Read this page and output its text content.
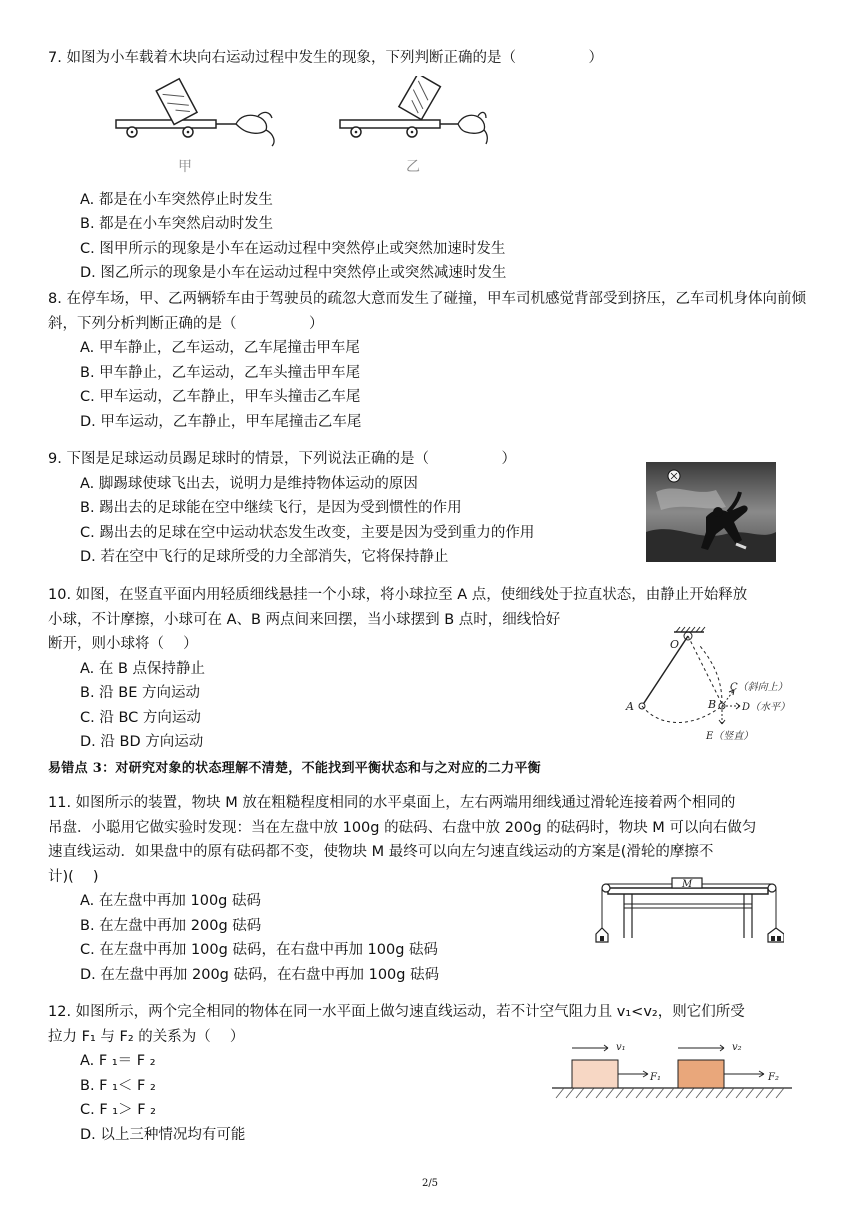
7. 如图为小车载着木块向右运动过程中发生的现象，下列判断正确的是（　　　　　）
A. 都是在小车突然停止时发生
B. 都是在小车突然启动时发生
C. 图甲所示的现象是小车在运动过程中突然停止或突然加速时发生
D. 图乙所示的现象是小车在运动过程中突然停止或突然减速时发生
甲	乙
8. 在停车场，甲、乙两辆轿车由于驾驶员的疏忽大意而发生了碰撞，甲车司机感觉背部受到挤压，乙车司机身体向前倾斜，下列分析判断正确的是（　　　　　）
A. 甲车静止，乙车运动，乙车尾撞击甲车尾
B. 甲车静止，乙车运动，乙车头撞击甲车尾
C. 甲车运动，乙车静止，甲车头撞击乙车尾
D. 甲车运动，乙车静止，甲车尾撞击乙车尾
9. 下图是足球运动员踢足球时的情景，下列说法正确的是（　　　　　）
A. 脚踢球使球飞出去，说明力是维持物体运动的原因
B. 踢出去的足球能在空中继续飞行，是因为受到惯性的作用
C. 踢出去的足球在空中运动状态发生改变，主要是因为受到重力的作用
D. 若在空中飞行的足球所受的力全部消失，它将保持静止
10. 如图，在竖直平面内用轻质细线悬挂一个小球，将小球拉至 A 点，使细线处于拉直状态，由静止开始释放
小球，不计摩擦，小球可在 A、B 两点间来回摆，当小球摆到 B 点时，细线恰好
断开，则小球将（　 ）
A. 在 B 点保持静止
B. 沿 BE 方向运动
C. 沿 BC 方向运动
D. 沿 BD 方向运动
O
A	B
C（斜向上）
D（水平）
E（竖直）
易错点 3：对研究对象的状态理解不清楚，不能找到平衡状态和与之对应的二力平衡
11. 如图所示的装置，物块 M 放在粗糙程度相同的水平桌面上，左右两端用细线通过滑轮连接着两个相同的
吊盘．小聪用它做实验时发现：当在左盘中放 100g 的砝码、右盘中放 200g 的砝码时，物块 M 可以向右做匀
速直线运动．如果盘中的原有砝码都不变，使物块 M 最终可以向左匀速直线运动的方案是(滑轮的摩擦不
计)(　 )
A. 在左盘中再加 100g 砝码
B. 在左盘中再加 200g 砝码
C. 在左盘中再加 100g 砝码，在右盘中再加 100g 砝码
D. 在左盘中再加 200g 砝码，在右盘中再加 100g 砝码
M
12. 如图所示，两个完全相同的物体在同一水平面上做匀速直线运动，若不计空气阻力且 v₁<v₂，则它们所受
拉力 F₁ 与 F₂ 的关系为（　 ）
A. F ₁＝ F ₂
B. F ₁＜ F ₂
C. F ₁＞ F ₂
D. 以上三种情况均有可能
v₁	v₂
F₁	F₂
2/5
